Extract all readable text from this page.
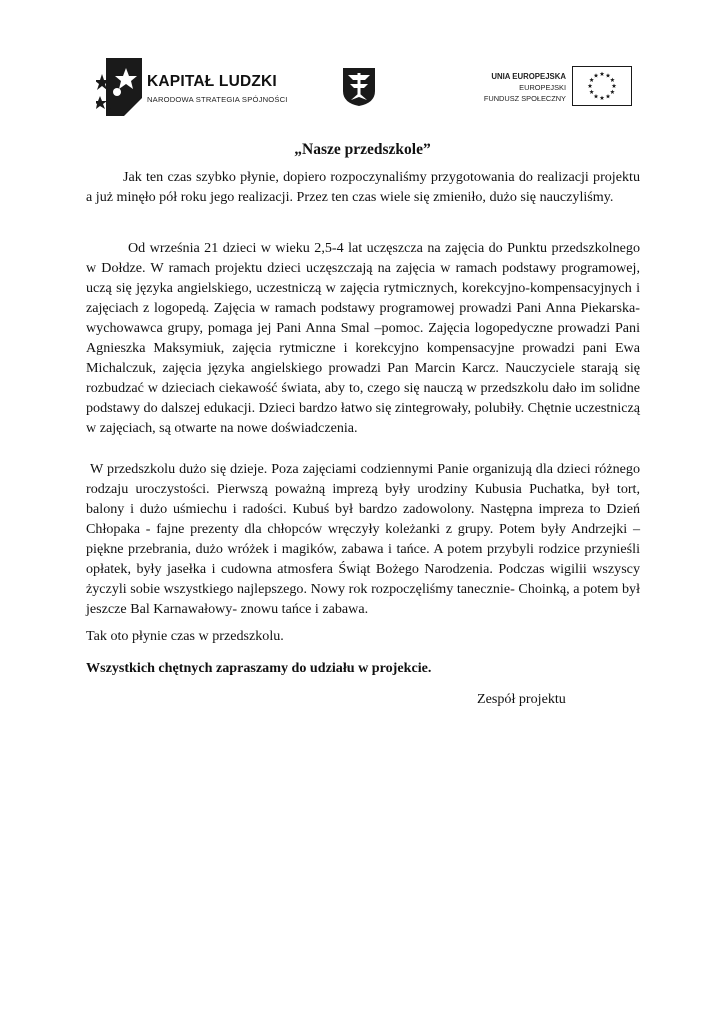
KAPITAŁ LUDZKI
NARODOWA STRATEGIA SPÓJNOŚCI
UNIA EUROPEJSKA
EUROPEJSKI
FUNDUSZ SPOŁECZNY
„Nasze przedszkole”

Jak ten czas szybko płynie, dopiero rozpoczynaliśmy przygotowania do realizacji projektu a już minęło pół roku jego realizacji. Przez ten czas wiele się zmieniło, dużo się nauczyliśmy.

Od września 21 dzieci w wieku 2,5-4 lat uczęszcza na zajęcia do Punktu przedszkolnego w Dołdze. W ramach projektu dzieci uczęszczają na zajęcia w ramach podstawy programowej, uczą się języka angielskiego, uczestniczą w zajęcia rytmicznych, korekcyjno-kompensacyjnych i zajęciach z logopedą. Zajęcia w ramach podstawy programowej prowadzi Pani Anna Piekarska- wychowawca grupy, pomaga jej Pani Anna Smal –pomoc. Zajęcia logopedyczne prowadzi Pani Agnieszka Maksymiuk, zajęcia rytmiczne i korekcyjno kompensacyjne prowadzi pani Ewa Michalczuk, zajęcia języka angielskiego prowadzi Pan Marcin Karcz. Nauczyciele starają się rozbudzać w dzieciach ciekawość świata, aby to, czego się nauczą w przedszkolu dało im solidne podstawy do dalszej edukacji. Dzieci bardzo łatwo się zintegrowały, polubiły. Chętnie uczestniczą w zajęciach, są otwarte na nowe doświadczenia.

W przedszkolu dużo się dzieje. Poza zajęciami codziennymi Panie organizują dla dzieci różnego rodzaju uroczystości. Pierwszą poważną imprezą były urodziny Kubusia Puchatka, był tort, balony i dużo uśmiechu i radości. Kubuś był bardzo zadowolony. Następna impreza to Dzień Chłopaka - fajne prezenty dla chłopców wręczyły koleżanki z grupy. Potem były Andrzejki – piękne przebrania, dużo wróżek i magików, zabawa i tańce. A potem przybyli rodzice przynieśli opłatek, były jasełka i cudowna atmosfera Świąt Bożego Narodzenia. Podczas wigilii wszyscy życzyli sobie wszystkiego najlepszego. Nowy rok rozpoczęliśmy tanecznie- Choinką, a potem był jeszcze Bal Karnawałowy- znowu tańce i zabawa.

Tak oto płynie czas w przedszkolu.

Wszystkich chętnych zapraszamy do udziału w projekcie.

Zespół projektu
